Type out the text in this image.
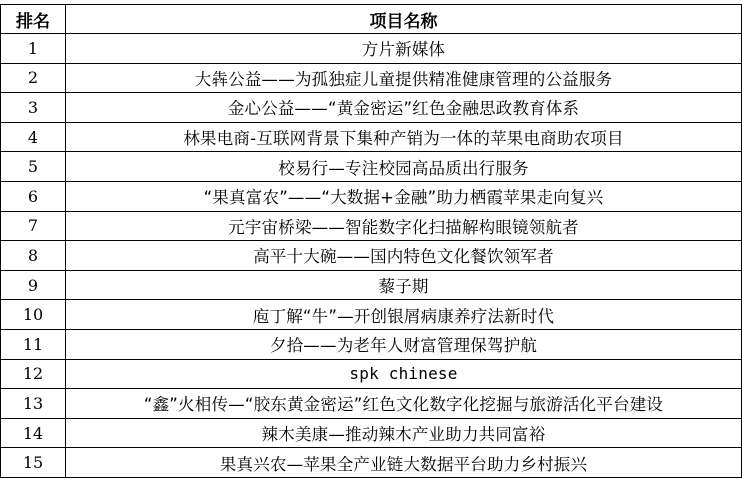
排名	项目名称
1	方片新媒体
2	大犇公益——为孤独症儿童提供精准健康管理的公益服务
3	金心公益——“黄金密运”红色金融思政教育体系
4	林果电商-互联网背景下集种产销为一体的苹果电商助农项目
5	校易行—专注校园高品质出行服务
6	“果真富农”——“大数据+金融”助力栖霞苹果走向复兴
7	元宇宙桥梁——智能数字化扫描解构眼镜领航者
8	高平十大碗——国内特色文化餐饮领军者
9	藜子期
10	庖丁解“牛”—开创银屑病康养疗法新时代
11	夕拾——为老年人财富管理保驾护航
12	spk chinese
13	“鑫”火相传—“胶东黄金密运”红色文化数字化挖掘与旅游活化平台建设
14	辣木美康—推动辣木产业助力共同富裕
15	果真兴农—苹果全产业链大数据平台助力乡村振兴
